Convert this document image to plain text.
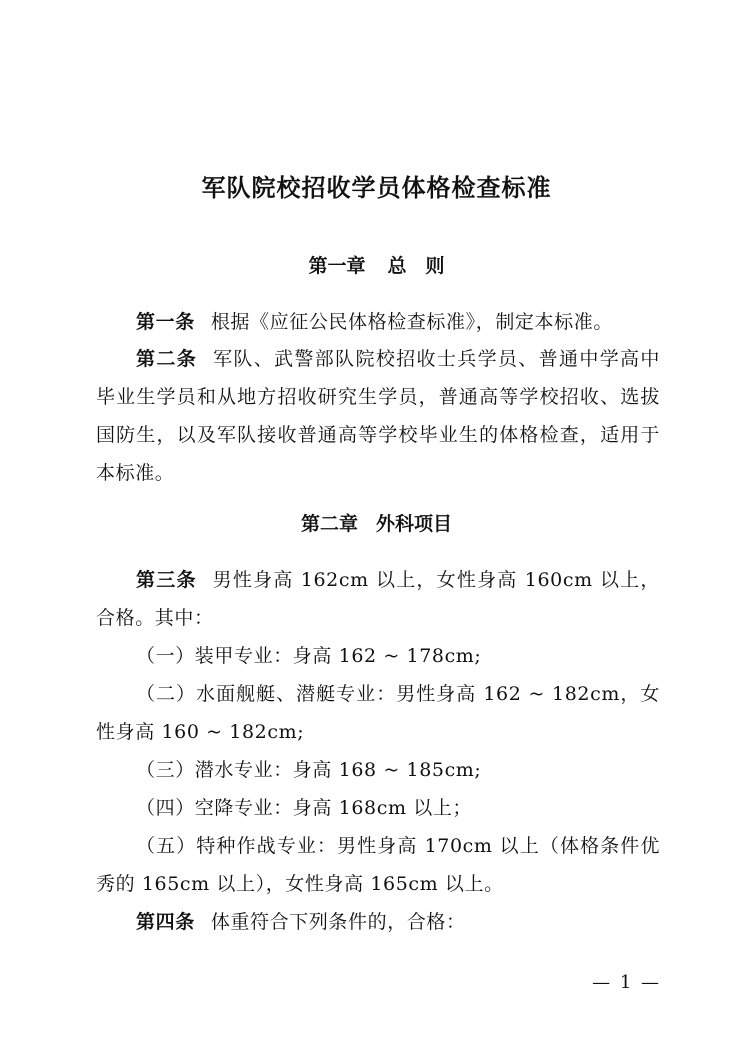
军队院校招收学员体格检查标准
第一章 总　则
第一条 根据《应征公民体格检查标准》，制定本标准。
第二条 军队、武警部队院校招收士兵学员、普通中学高中毕业生学员和从地方招收研究生学员，普通高等学校招收、选拔国防生，以及军队接收普通高等学校毕业生的体格检查，适用于本标准。
第二章 外科项目
第三条 男性身高 162cm 以上，女性身高 160cm 以上，合格。其中：
（一）装甲专业：身高 162 ~ 178cm;
（二）水面舰艇、潜艇专业：男性身高 162 ~ 182cm，女性身高 160 ~ 182cm;
（三）潜水专业：身高 168 ~ 185cm;
（四）空降专业：身高 168cm 以上；
（五）特种作战专业：男性身高 170cm 以上（体格条件优秀的 165cm 以上），女性身高 165cm 以上。
第四条 体重符合下列条件的，合格：
— 1 —
